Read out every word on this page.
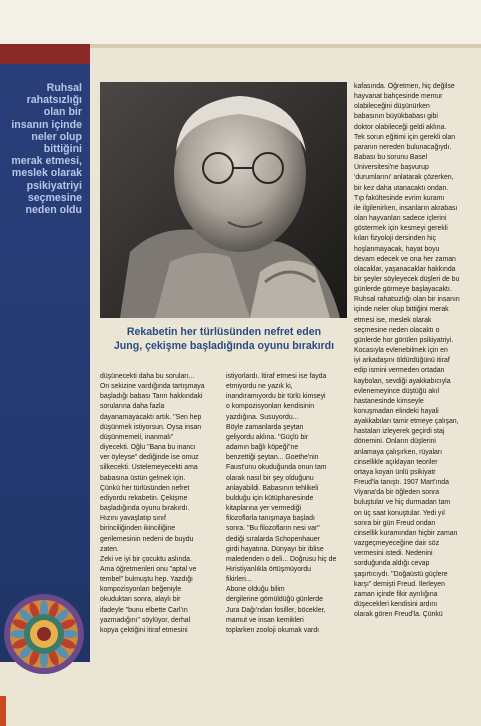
Ruhsal
rahatsızlığı
olan bir
insanın içinde
neler olup
bittiğini
merak etmesi,
meslek olarak
psikiyatriyi
seçmesine
neden oldu
Rekabetin her türlüsünden nefret eden
Jung, çekişme başladığında oyunu bırakırdı
düşünecekti daha bu soruları...
On sekizine vardığında tartışmaya
başladığı babası Tanrı hakkındaki
sorularına daha fazla
dayanamayacaktı artık. "Sen hep
düşünmek istiyorsun. Oysa insan
düşünmemeli, inanmalı"
diyecekti. Oğlu "Bana bu inancı
ver öyleyse" dediğinde ise omuz
silkecekti. Üstelemeyecekti ama
babasına üstün gelmek için.
Çünkü her türlüsünden nefret
ediyordu rekabetin. Çekişme
başladığında oyunu bırakırdı.
Hızını yavaşlatıp sınıf
birinciliğinden ikinciliğine
gerilemesinin nedeni de buydu
zaten.
Zeki ve iyi bir çocuktu aslında.
Ama öğretmenleri onu "aptal ve
tembel" bulmuştu hep. Yazdığı
kompozisyonları beğeniyle
okuduktan sonra, alaylı bir
ifadeyle "bunu elbette Carl'ın
yazmadığını" söylüyor, derhal
kopya çektiğini itiraf etmesini
istiyorlardı. İtiraf etmesi ise fayda
etmiyordu ne yazık ki,
inandıramıyordu bir türlü kimseyi
o kompozisyonları kendisinin
yazdığına. Susuyordu...
Böyle zamanlarda şeytan
geliyordu aklına. "Güçlü bir
adamın bağlı köpeği"ne
benzettiği şeytan... Goethe'nin
Faust'unu okuduğunda onun tam
olarak nasıl bir şey olduğunu
anlayabildi. Babasının tehlikeli
bulduğu için kütüphanesinde
kitaplarına yer vermediği
filozoflarla tanışmaya başladı
sonra. "Bu filozofların nesi var"
dediği sıralarda Schopenhauer
girdi hayatına. Dünyayı bir iblise
maledenden o deli... Doğrusu hiç de
Hıristiyanlıkla örtüşmüyordu
fikirleri...
Abone olduğu bilim
dergilerine gömüldüğü günlerde
Jura Dağı'ndan fosiller, böcekler,
mamut ve insan kemikleri
toplarken zooloji okumak vardı
kafasında. Öğretmen, hiç değilse
hayvanat bahçesinde memur
olabileceğini düşünürken
babasının büyükbabası gibi
doktor olabileceği geldi aklına.
Tek sorun eğitimi için gerekli olan
paranın nereden bulunacağıydı.
Babası bu sorunu Basel
Üniversitesi'ne başvurup
'durumlarını' anlatarak çözerken,
bir kez daha utanacaktı ondan.
Tıp fakültesinde evrim kuramı
ile ilgilenirken, insanların akrabası
olan hayvanları sadece içlerini
göstermek için kesmeyi gerekli
kılan fizyoloji dersinden hiç
hoşlanmayacak, hayat boyu
devam edecek ve ona her zaman
olacaklar, yaşanacaklar hakkında
bir şeyler söyleyecek düşleri de bu
günlerde görmeye başlayacaktı.
Ruhsal rahatsızlığı olan bir insanın
içinde neler olup bittiğini merak
etmesi ise, meslek olarak
seçmesine neden olacaktı o
günlerde hor görülen psikiyatriyi.
Kocasıyla evlenebilmek için en
iyi arkadaşını öldürdüğünü itiraf
edip ismini vermeden ortadan
kaybolan, sevdiği ayakkabıcıyla
evlenemeyince düştüğü akıl
hastanesinde kimseyle
konuşmadan elindeki hayali
ayakkabıları tamir etmeye çalışan,
hastaları izleyerek geçirdi staj
dönemini. Onların düşlerini
anlamaya çalışırken, rüyaları
cinsellikle açıklayan teoriler
ortaya koyan ünlü psikiyatr
Freud'la tanıştı. 1907 Mart'ında
Viyana'da bir öğleden sonra
buluştular ve hiç durmadan tam
on üç saat konuştular. Yedi yıl
sonra bir gün Freud ondan
cinsellik kuramından hiçbir zaman
vazgeçmeyeceğine dair söz
vermesini istedi. Nedenini
sorduğunda aldığı cevap
şaşırtıcıydı. "Doğaüstü güçlere
karşı" demişti Freud. İlerleyen
zaman içinde fikir ayrılığına
düşecekleri kendisini ardını
olarak gören Freud'la. Çünkü
